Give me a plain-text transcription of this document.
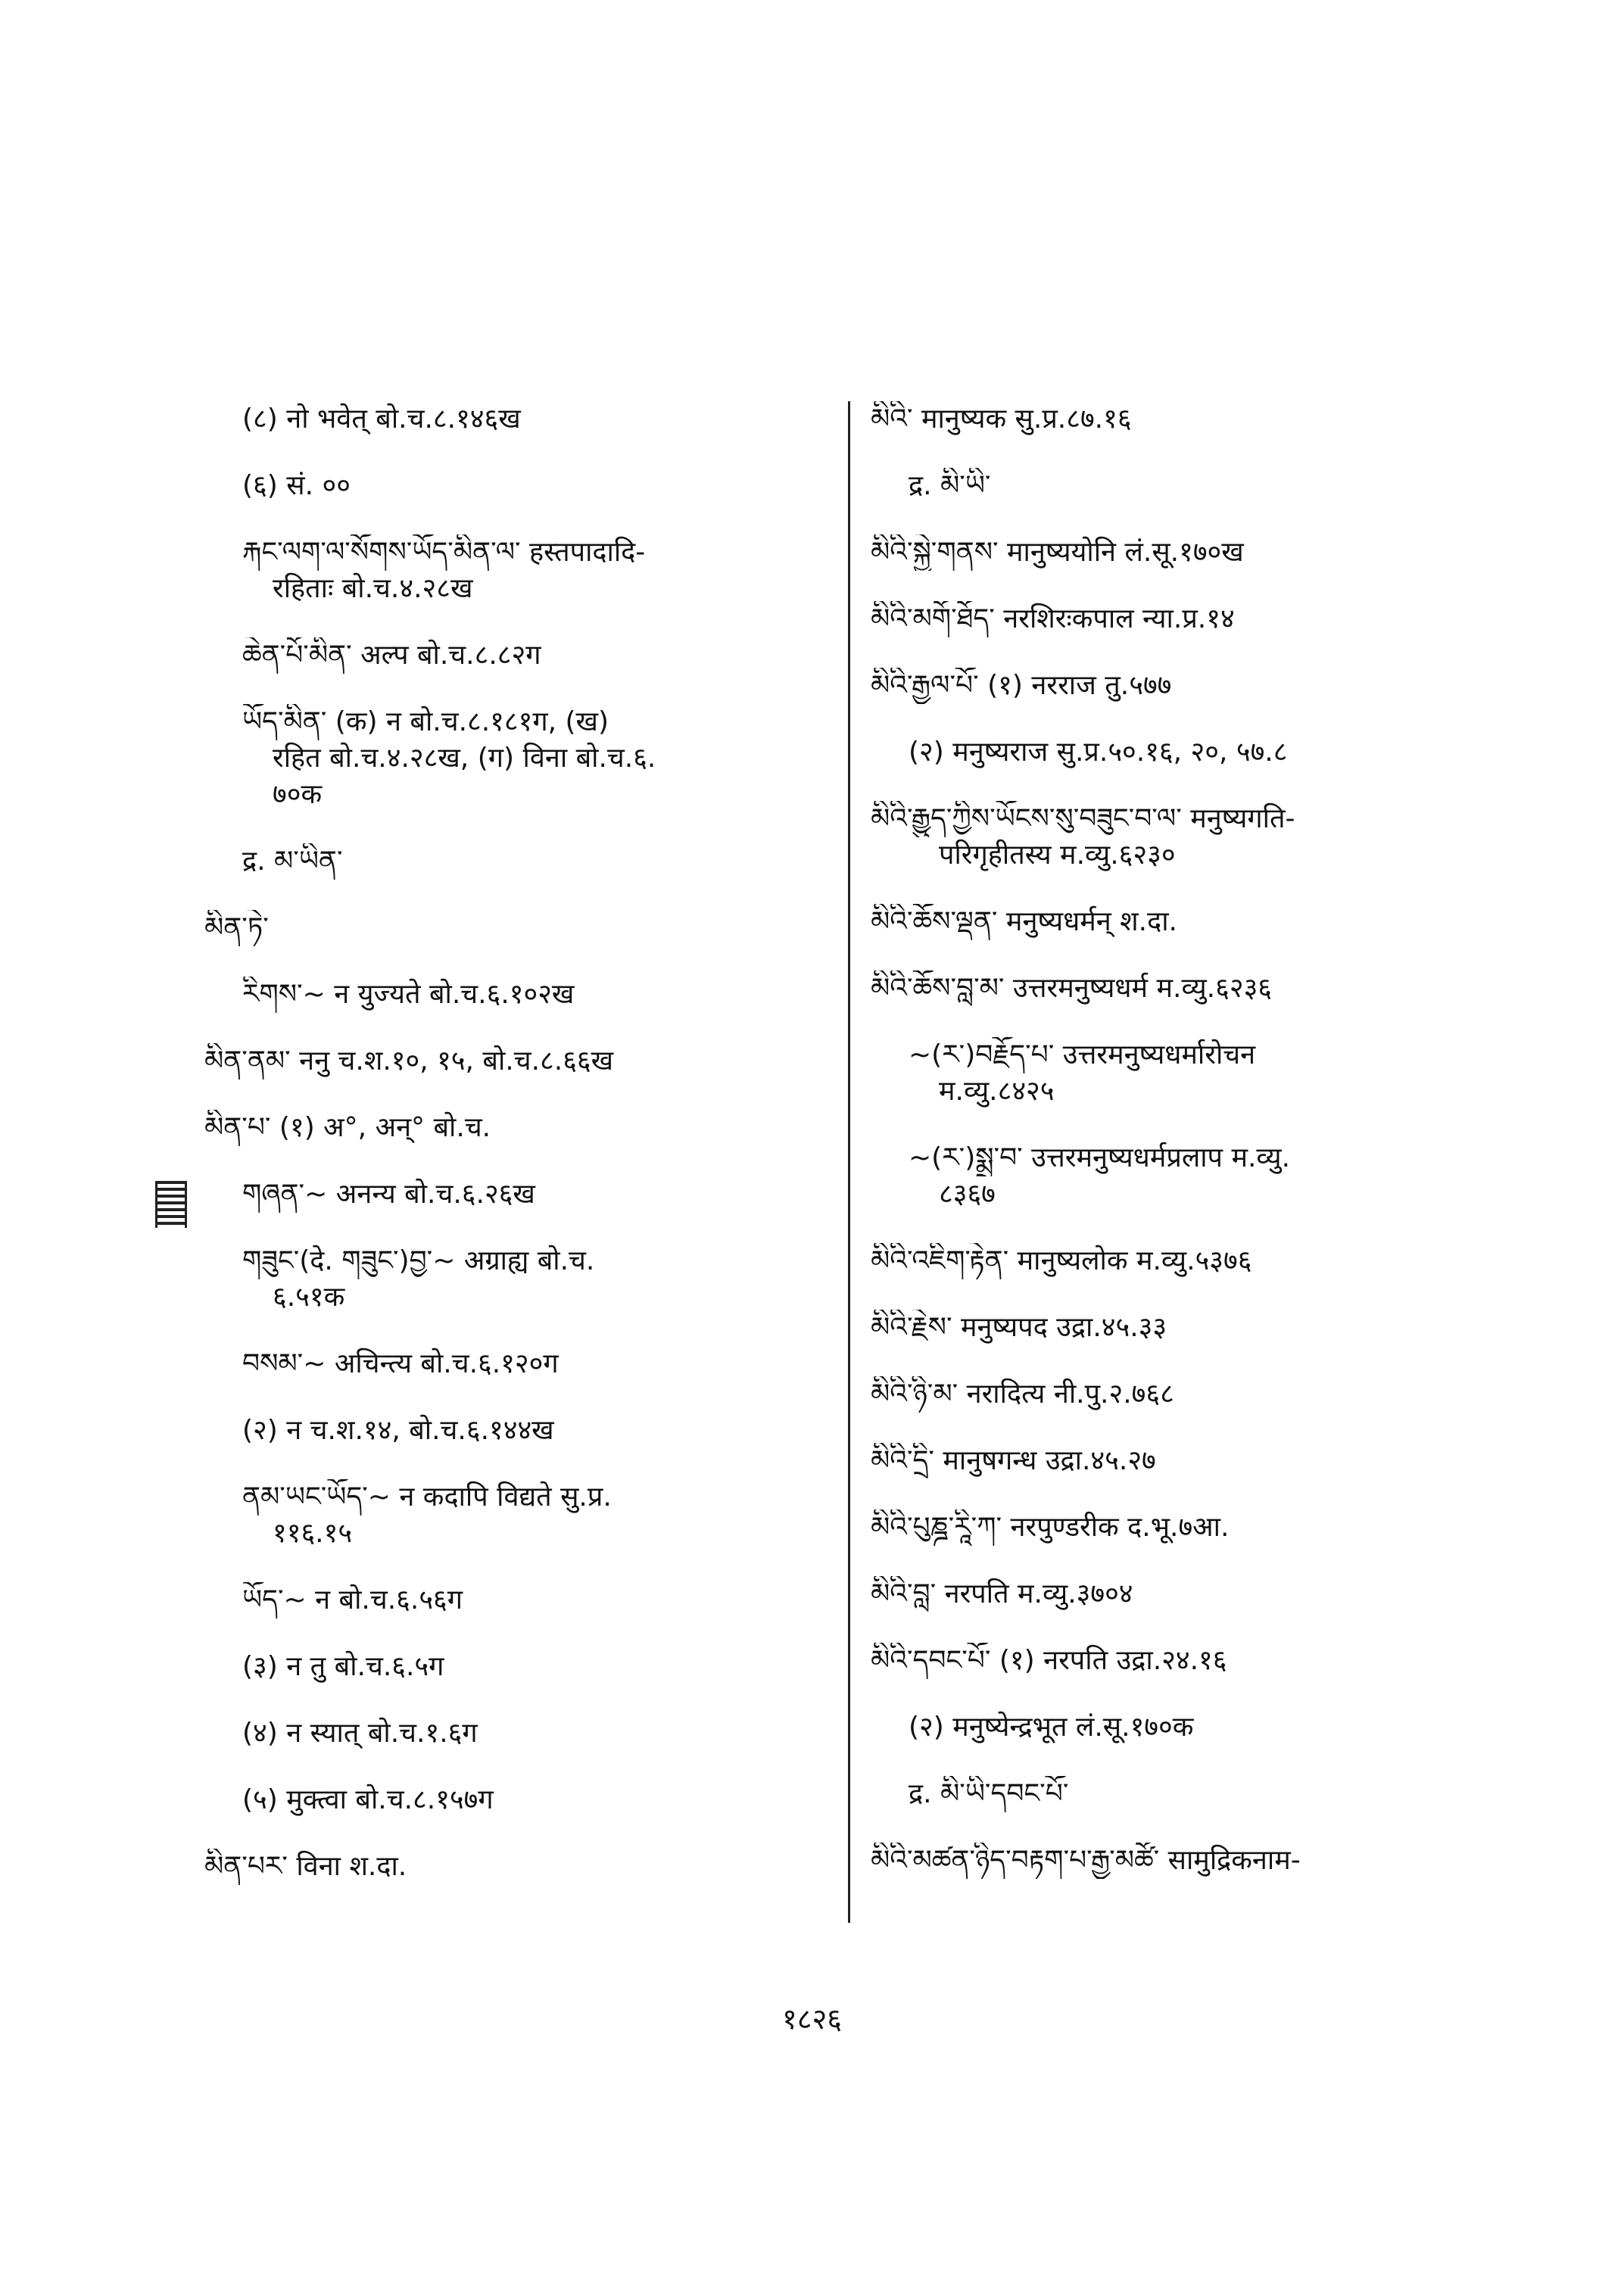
(८) नो भवेत् बो.च.८.१४६ख
(६) सं. ००
རྐང་ལག་ལ་སོགས་ཡོད་མིན་ལ་ हस्तपादादि-
रहिताः बो.च.४.२८ख
ཆེན་པོ་མིན་ अल्प बो.च.८.८२ग
ཡོད་མིན་ (क) न बो.च.८.१८१ग, (ख)
रहित बो.च.४.२८ख, (ग) विना बो.च.६.
७०क
द्र. མ་ཡིན་
མིན་ཏེ་
རིགས་~ न युज्यते बो.च.६.१०२ख
མིན་ནམ་ ननु च.श.१०, १५, बो.च.८.६६ख
མིན་པ་ (१) अ°, अन्° बो.च.
གཞན་~ अनन्य बो.च.६.२६ख
གཟུང་(दे. གཟུང་)བྱ་~ अग्राह्य बो.च.
६.५१क
བསམ་~ अचिन्त्य बो.च.६.१२०ग
(२) न च.श.१४, बो.च.६.१४४ख
ནམ་ཡང་ཡོད་~ न कदापि विद्यते सु.प्र.
११६.१५
ཡོད་~ न बो.च.६.५६ग
(३) न तु बो.च.६.५ग
(४) न स्यात् बो.च.१.६ग
(५) मुक्त्वा बो.च.८.१५७ग
མིན་པར་ विना श.दा.
མིའི་ मानुष्यक सु.प्र.८७.१६
द्र. མི་ཡི་
མིའི་སྐྱེ་གནས་ मानुष्ययोनि लं.सू.१७०ख
མིའི་མགོ་ཐོད་ नरशिरःकपाल न्या.प्र.१४
མིའི་རྒྱལ་པོ་ (१) नरराज तु.५७७
(२) मनुष्यराज सु.प्र.५०.१६, २०, ५७.८
མིའི་རྒྱུད་ཀྱིས་ཡོངས་སུ་བཟུང་བ་ལ་ मनुष्यगति-
परिगृहीतस्य म.व्यु.६२३०
མིའི་ཆོས་ལྡན་ मनुष्यधर्मन् श.दा.
མིའི་ཆོས་བླ་མ་ उत्तरमनुष्यधर्म म.व्यु.६२३६
~(ར་)བརྗོད་པ་ उत्तरमनुष्यधर्मारोचन
म.व्यु.८४२५
~(ར་)སྨྲ་བ་ उत्तरमनुष्यधर्मप्रलाप म.व्यु.
८३६७
མིའི་འཇིག་རྟེན་ मानुष्यलोक म.व्यु.५३७६
མིའི་རྗེས་ मनुष्यपद उद्रा.४५.३३
མིའི་ཉི་མ་ नरादित्य नी.पु.२.७६८
མིའི་དྲི་ मानुषगन्ध उद्रा.४५.२७
མིའི་པུཎྜ་རཱི་ཀ་ नरपुण्डरीक द.भू.७आ.
མིའི་བླ་ नरपति म.व्यु.३७०४
མིའི་དབང་པོ་ (१) नरपति उद्रा.२४.१६
(२) मनुष्येन्द्रभूत लं.सू.१७०क
द्र. མི་ཡི་དབང་པོ་
མིའི་མཚན་ཉིད་བརྟག་པ་རྒྱ་མཚོ་ सामुद्रिकनाम-
१८२६
